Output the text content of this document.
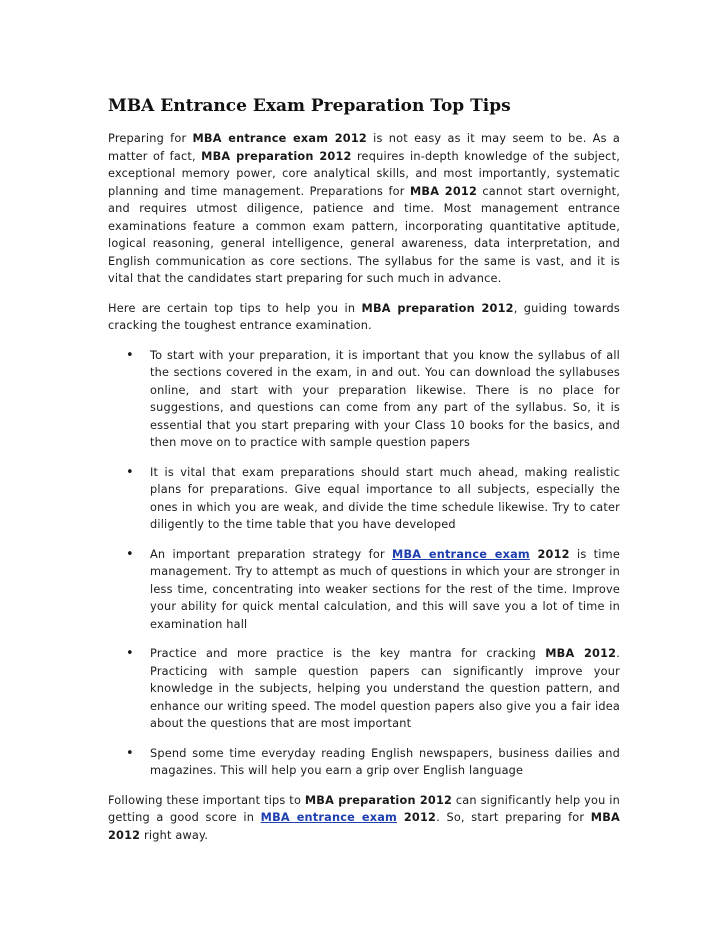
MBA Entrance Exam Preparation Top Tips

Preparing for MBA entrance exam 2012 is not easy as it may seem to be. As a matter of fact, MBA preparation 2012 requires in-depth knowledge of the subject, exceptional memory power, core analytical skills, and most importantly, systematic planning and time management. Preparations for MBA 2012 cannot start overnight, and requires utmost diligence, patience and time. Most management entrance examinations feature a common exam pattern, incorporating quantitative aptitude, logical reasoning, general intelligence, general awareness, data interpretation, and English communication as core sections. The syllabus for the same is vast, and it is vital that the candidates start preparing for such much in advance.

Here are certain top tips to help you in MBA preparation 2012, guiding towards cracking the toughest entrance examination.

• To start with your preparation, it is important that you know the syllabus of all the sections covered in the exam, in and out. You can download the syllabuses online, and start with your preparation likewise. There is no place for suggestions, and questions can come from any part of the syllabus. So, it is essential that you start preparing with your Class 10 books for the basics, and then move on to practice with sample question papers
• It is vital that exam preparations should start much ahead, making realistic plans for preparations. Give equal importance to all subjects, especially the ones in which you are weak, and divide the time schedule likewise. Try to cater diligently to the time table that you have developed
• An important preparation strategy for MBA entrance exam 2012 is time management. Try to attempt as much of questions in which your are stronger in less time, concentrating into weaker sections for the rest of the time. Improve your ability for quick mental calculation, and this will save you a lot of time in examination hall
• Practice and more practice is the key mantra for cracking MBA 2012. Practicing with sample question papers can significantly improve your knowledge in the subjects, helping you understand the question pattern, and enhance our writing speed. The model question papers also give you a fair idea about the questions that are most important
• Spend some time everyday reading English newspapers, business dailies and magazines. This will help you earn a grip over English language

Following these important tips to MBA preparation 2012 can significantly help you in getting a good score in MBA entrance exam 2012. So, start preparing for MBA 2012 right away.
